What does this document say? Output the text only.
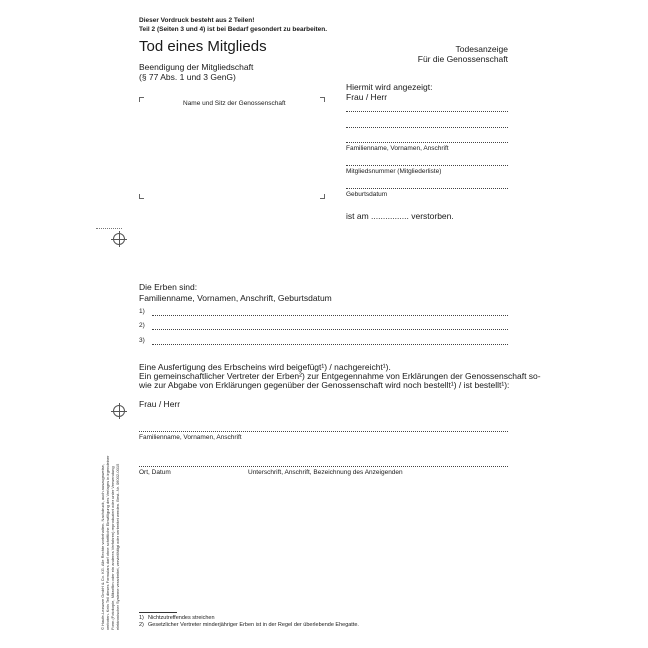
Dieser Vordruck besteht aus 2 Teilen!
Teil 2 (Seiten 3 und 4) ist bei Bedarf gesondert zu bearbeiten.
Tod eines Mitglieds
Beendigung der Mitgliedschaft
(§ 77 Abs. 1 und 3 GenG)
Todesanzeige
Für die Genossenschaft
Name und Sitz der Genossenschaft
Hiermit wird angezeigt:
Frau / Herr
Familienname, Vornamen, Anschrift
Mitgliedsnummer (Mitgliederliste)
Geburtsdatum
ist am ................ verstorben.
Die Erben sind:
Familienname, Vornamen, Anschrift, Geburtsdatum
1)
2)
3)
Eine Ausfertigung des Erbscheins wird beigefügt¹) / nachgereicht¹).
Ein gemeinschaftlicher Vertreter der Erben²) zur Entgegennahme von Erklärungen der Genossenschaft so-
wie zur Abgabe von Erklärungen gegenüber der Genossenschaft wird noch bestellt¹) / ist bestellt¹):
Frau / Herr
Familienname, Vornamen, Anschrift
Ort, Datum	Unterschrift, Anschrift, Bezeichnung des Anzeigenden
© Haufe-Lexware GmbH & Co. KG. Alle Rechte vorbehalten. Nachdruck, auch auszugsweise, verboten. Kein Teil dieses Formulars darf ohne schriftliche Einwilligung des Verlages in irgendeiner Form (Fotokopie, Mikrofilm oder ein anderes Verfahren) reproduziert oder unter Verwendung elektronischer Systeme verarbeitet, vervielfältigt oder verbreitet werden. Best.-Nr. 06002-0015	1) Nichtzutreffendes streichen
2) Gesetzlicher Vertreter minderjähriger Erben ist in der Regel der überlebende Ehegatte.
